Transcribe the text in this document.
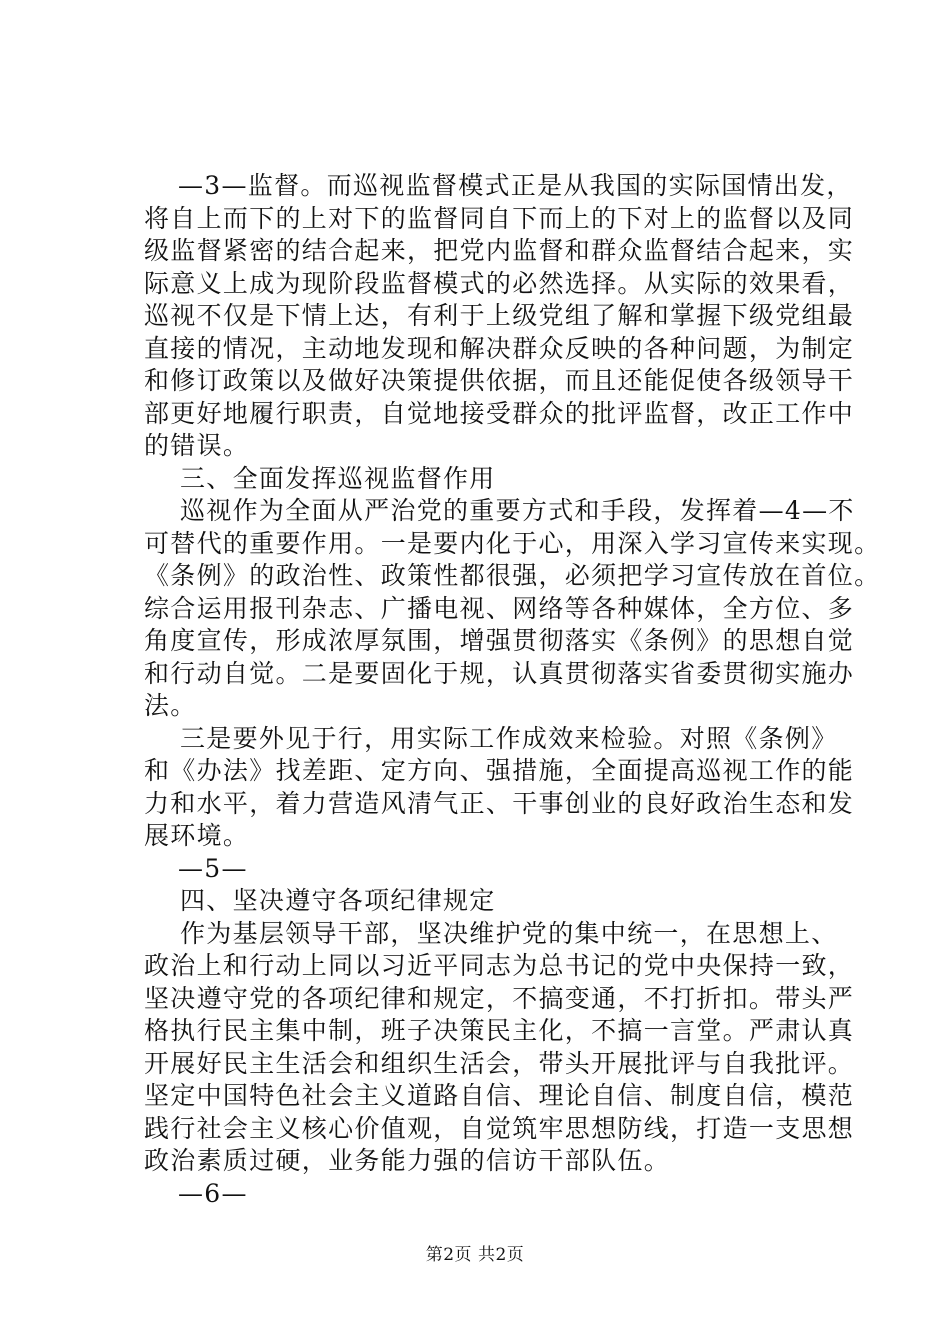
—3—监督。而巡视监督模式正是从我国的实际国情出发，
将自上而下的上对下的监督同自下而上的下对上的监督以及同
级监督紧密的结合起来，把党内监督和群众监督结合起来，实
际意义上成为现阶段监督模式的必然选择。从实际的效果看，
巡视不仅是下情上达，有利于上级党组了解和掌握下级党组最
直接的情况，主动地发现和解决群众反映的各种问题，为制定
和修订政策以及做好决策提供依据，而且还能促使各级领导干
部更好地履行职责，自觉地接受群众的批评监督，改正工作中
的错误。
三、全面发挥巡视监督作用
巡视作为全面从严治党的重要方式和手段，发挥着—4—不
可替代的重要作用。一是要内化于心，用深入学习宣传来实现。
《条例》的政治性、政策性都很强，必须把学习宣传放在首位。
综合运用报刊杂志、广播电视、网络等各种媒体，全方位、多
角度宣传，形成浓厚氛围，增强贯彻落实《条例》的思想自觉
和行动自觉。二是要固化于规，认真贯彻落实省委贯彻实施办
法。
三是要外见于行，用实际工作成效来检验。对照《条例》
和《办法》找差距、定方向、强措施，全面提高巡视工作的能
力和水平，着力营造风清气正、干事创业的良好政治生态和发
展环境。
—5—
四、坚决遵守各项纪律规定
作为基层领导干部，坚决维护党的集中统一，在思想上、
政治上和行动上同以习近平同志为总书记的党中央保持一致，
坚决遵守党的各项纪律和规定，不搞变通，不打折扣。带头严
格执行民主集中制，班子决策民主化，不搞一言堂。严肃认真
开展好民主生活会和组织生活会，带头开展批评与自我批评。
坚定中国特色社会主义道路自信、理论自信、制度自信，模范
践行社会主义核心价值观，自觉筑牢思想防线，打造一支思想
政治素质过硬，业务能力强的信访干部队伍。
—6—
第2页 共2页
